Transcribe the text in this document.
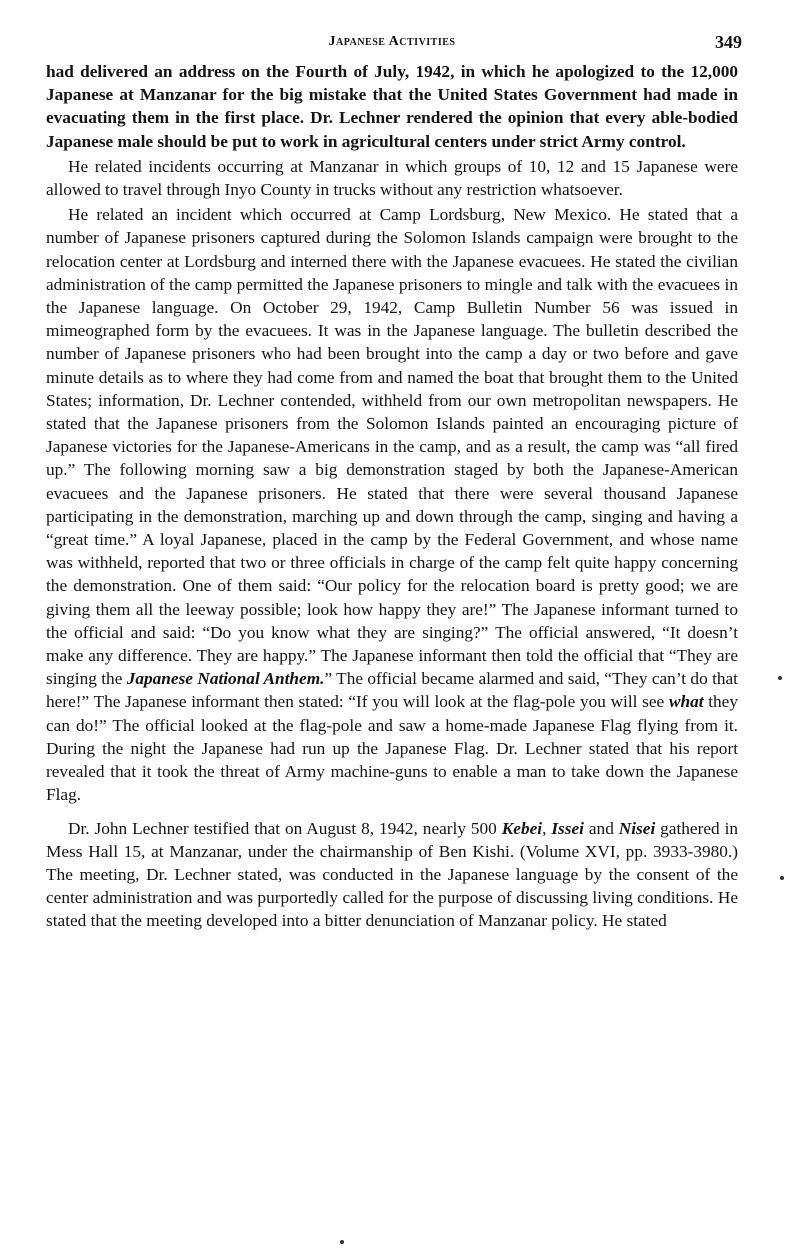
Japanese Activities	349

had delivered an address on the Fourth of July, 1942, in which he apologized to the 12,000 Japanese at Manzanar for the big mistake that the United States Government had made in evacuating them in the first place. Dr. Lechner rendered the opinion that every able-bodied Japanese male should be put to work in agricultural centers under strict Army control.

He related incidents occurring at Manzanar in which groups of 10, 12 and 15 Japanese were allowed to travel through Inyo County in trucks without any restriction whatsoever.

He related an incident which occurred at Camp Lordsburg, New Mexico. He stated that a number of Japanese prisoners captured during the Solomon Islands campaign were brought to the relocation center at Lordsburg and interned there with the Japanese evacuees. He stated the civilian administration of the camp permitted the Japanese prisoners to mingle and talk with the evacuees in the Japanese language. On October 29, 1942, Camp Bulletin Number 56 was issued in mimeographed form by the evacuees. It was in the Japanese language. The bulletin described the number of Japanese prisoners who had been brought into the camp a day or two before and gave minute details as to where they had come from and named the boat that brought them to the United States; information, Dr. Lechner contended, withheld from our own metropolitan newspapers. He stated that the Japanese prisoners from the Solomon Islands painted an encouraging picture of Japanese victories for the Japanese-Americans in the camp, and as a result, the camp was “all fired up.” The following morning saw a big demonstration staged by both the Japanese-American evacuees and the Japanese prisoners. He stated that there were several thousand Japanese participating in the demonstration, marching up and down through the camp, singing and having a “great time.” A loyal Japanese, placed in the camp by the Federal Government, and whose name was withheld, reported that two or three officials in charge of the camp felt quite happy concerning the demonstration. One of them said: “Our policy for the relocation board is pretty good; we are giving them all the leeway possible; look how happy they are!” The Japanese informant turned to the official and said: “Do you know what they are singing?” The official answered, “It doesn’t make any difference. They are happy.” The Japanese informant then told the official that “They are singing the Japanese National Anthem.” The official became alarmed and said, “They can’t do that here!” The Japanese informant then stated: “If you will look at the flag-pole you will see what they can do!” The official looked at the flag-pole and saw a home-made Japanese Flag flying from it. During the night the Japanese had run up the Japanese Flag. Dr. Lechner stated that his report revealed that it took the threat of Army machine-guns to enable a man to take down the Japanese Flag.

Dr. John Lechner testified that on August 8, 1942, nearly 500 Kebei, Issei and Nisei gathered in Mess Hall 15, at Manzanar, under the chairmanship of Ben Kishi. (Volume XVI, pp. 3933-3980.) The meeting, Dr. Lechner stated, was conducted in the Japanese language by the consent of the center administration and was purportedly called for the purpose of discussing living conditions. He stated that the meeting developed into a bitter denunciation of Manzanar policy. He stated
